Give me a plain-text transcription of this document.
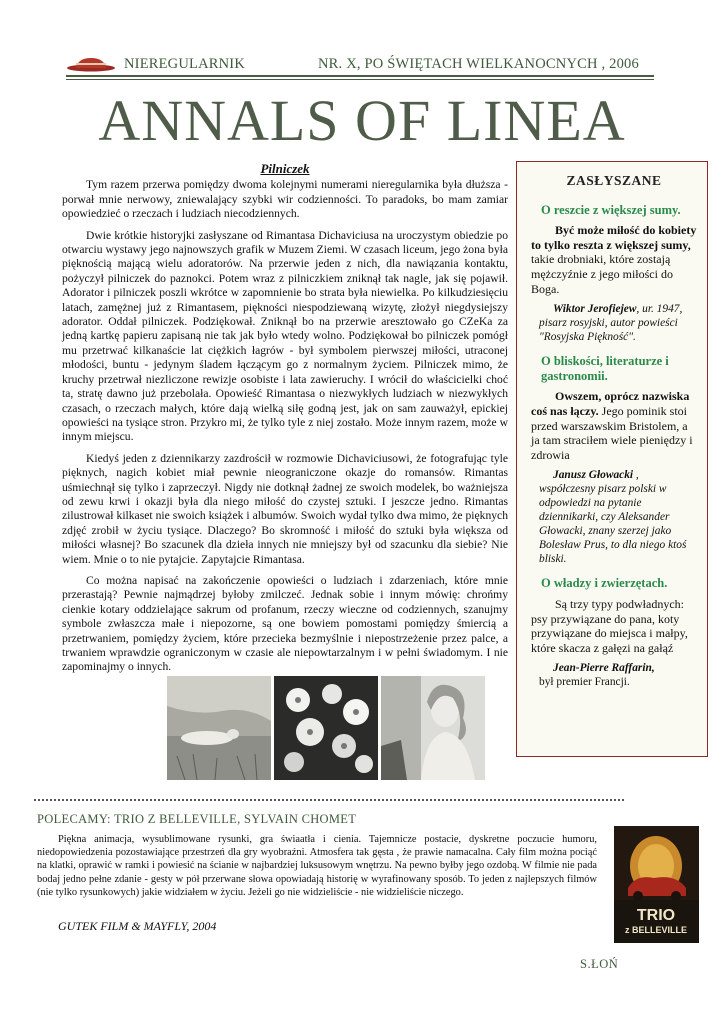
NIEREGULARNIK	NR. X, PO ŚWIĘTACH WIELKANOCNYCH , 2006
ANNALS OF LINEA
Pilniczek

Tym razem przerwa pomiędzy dwoma kolejnymi numerami nieregularnika była dłuższa - porwał mnie nerwowy, zniewalający szybki wir codzienności. To paradoks, bo mam zamiar opowiedzieć o rzeczach i ludziach niecodziennych.

Dwie krótkie historyjki zasłyszane od Rimantasa Dichaviciusa na uroczystym obiedzie po otwarciu wystawy jego najnowszych grafik w Muzem Ziemi. W czasach liceum, jego żona była pięknością mającą wielu adoratorów. Na przerwie jeden z nich, dla nawiązania kontaktu, pożyczył pilniczek do paznokci. Potem wraz z pilniczkiem zniknął tak nagle, jak się pojawił. Adorator i pilniczek poszli wkrótce w zapomnienie bo strata była niewielka. Po kilkudziesięciu latach, zamężnej już z Rimantasem, piękności niespodziewaną wizytę, złożył niegdysiejszy adorator. Oddał pilniczek. Podziękował. Zniknął bo na przerwie aresztowało go CZeKa za jedną kartkę papieru zapisaną nie tak jak było wtedy wolno. Podziękował bo pilniczek pomógł mu przetrwać kilkanaście lat ciężkich łagrów - był symbolem pierwszej miłości, utraconej młodości, buntu - jedynym śladem łączącym go z normalnym życiem. Pilniczek mimo, że kruchy przetrwał niezliczone rewizje osobiste i lata zawieruchy. I wrócił do właścicielki choć ta, stratę dawno już przebolała. Opowieść Rimantasa o niezwykłych ludziach w niezwykłych czasach, o rzeczach małych, które dają wielką siłę godną jest, jak on sam zauważył, epickiej opowieści na tysiące stron. Przykro mi, że tylko tyle z niej zostało. Może innym razem, może w innym miejscu.

Kiedyś jeden z dziennikarzy zazdrościł w rozmowie Dichaviciusowi, że fotografując tyle pięknych, nagich kobiet miał pewnie nieograniczone okazje do romansów. Rimantas uśmiechnął się tylko i zaprzeczył. Nigdy nie dotknął żadnej ze swoich modelek, bo ważniejsza od zewu krwi i okazji była dla niego miłość do czystej sztuki. I jeszcze jedno. Rimantas zilustrował kilkaset nie swoich książek i albumów. Swoich wydał tylko dwa mimo, że pięknych zdjęć zrobił w życiu tysiące. Dlaczego? Bo skromność i miłość do sztuki była większa od miłości własnej? Bo szacunek dla dzieła innych nie mniejszy był od szacunku dla siebie? Nie wiem. Mnie o to nie pytajcie. Zapytajcie Rimantasa.

Co można napisać na zakończenie opowieści o ludziach i zdarzeniach, które mnie przerastają? Pewnie najmądrzej byłoby zmilczeć. Jednak sobie i innym mówię: chrońmy cienkie kotary oddzielające sakrum od profanum, rzeczy wieczne od codziennych, szanujmy symbole zwłaszcza małe i niepozorne, są one bowiem pomostami pomiędzy śmiercią a przetrwaniem, pomiędzy życiem, które przecieka bezmyślnie i niepostrzeżenie przez palce, a trwaniem wprawdzie ograniczonym w czasie ale niepowtarzalnym i w pełni świadomym. I nie zapominajmy o innych.

ZASŁYSZANE
O reszcie z większej sumy.

Być może miłość do kobiety to tylko reszta z większej sumy, takie drobniaki, które zostają mężczyźnie z jego miłości do Boga.

Wiktor Jerofiejew, ur. 1947, pisarz rosyjski, autor powieści "Rosyjska Piękność".

O bliskości, literaturze i gastronomii.

Owszem, oprócz nazwiska coś nas łączy. Jego pominik stoi przed warszawskim Bristolem, a ja tam straciłem wiele pieniędzy i zdrowia

Janusz Głowacki , współczesny pisarz polski w odpowiedzi na pytanie dziennikarki, czy Aleksander Głowacki, znany szerzej jako Bolesław Prus, to dla niego ktoś bliski.

O władzy i zwierzętach.

Są trzy typy podwładnych: psy przywiązane do pana, koty przywiązane do miejsca i małpy, które skacza z gałęzi na gałąź

Jean-Pierre Raffarin,
był premier Francji.

POLECAMY: TRIO Z BELLEVILLE, SYLVAIN CHOMET

Piękna animacja, wysublimowane rysunki, gra świaatła i cienia. Tajemnicze postacie, dyskretne poczucie humoru, niedopowiedzenia pozostawiające przestrzeń dla gry wyobraźni. Atmosfera tak gęsta , że prawie namacalna. Cały film można pociąć na klatki, oprawić w ramki i powiesić na ścianie w najbardziej luksusowym wnętrzu. Na pewno byłby jego ozdobą. W filmie nie pada bodaj jedno pełne zdanie - gesty w pół przerwane słowa opowiadają historię w wyrafinowany sposób. To jeden z najlepszych filmów (nie tylko rysunkowych) jakie widziałem w życiu. Jeżeli go nie widzieliście - nie widzieliście niczego.

GUTEK FILM & MAYFLY, 2004
TRIO
z BELLEVILLE
S.ŁOŃ
